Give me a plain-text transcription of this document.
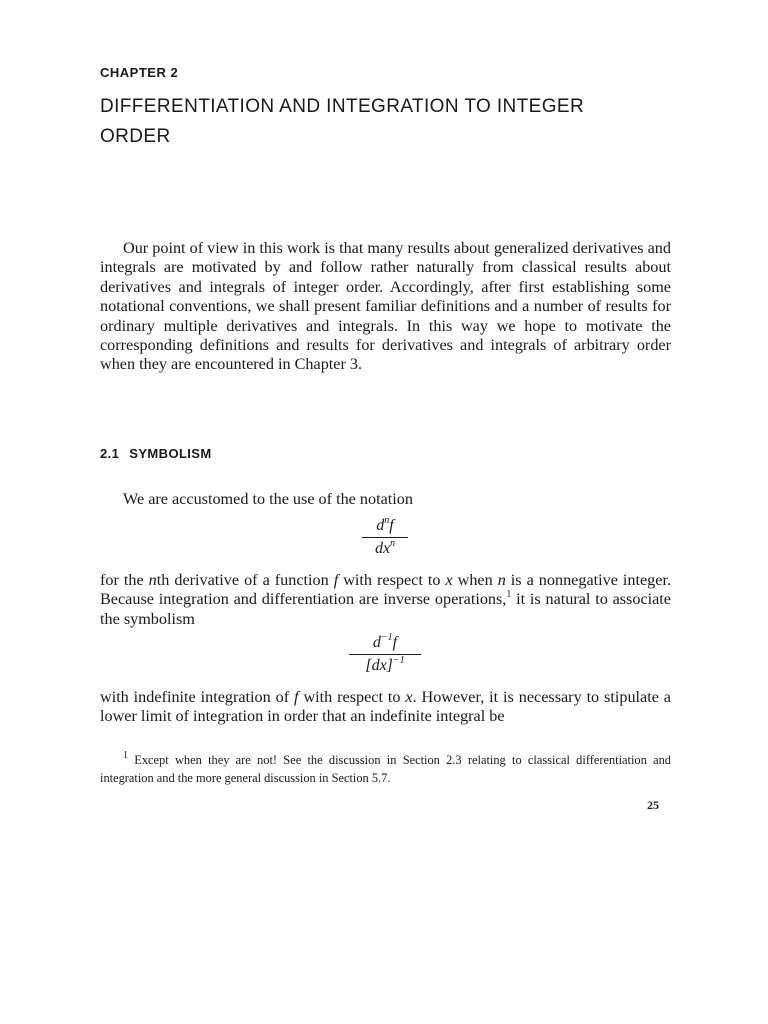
CHAPTER 2
DIFFERENTIATION AND INTEGRATION TO INTEGER ORDER

Our point of view in this work is that many results about generalized derivatives and integrals are motivated by and follow rather naturally from classical results about derivatives and integrals of integer order. Accordingly, after first establishing some notational conventions, we shall present familiar definitions and a number of results for ordinary multiple derivatives and integrals. In this way we hope to motivate the corresponding definitions and results for derivatives and integrals of arbitrary order when they are encountered in Chapter 3.

2.1 SYMBOLISM

We are accustomed to the use of the notation

$d^nf$
$dx^n$

for the nth derivative of a function f with respect to x when n is a nonnegative integer. Because integration and differentiation are inverse operations,$^1$ it is natural to associate the symbolism

$d^{-1}f$
[dx]$^{-1}$

with indefinite integration of f with respect to x. However, it is necessary to stipulate a lower limit of integration in order that an indefinite integral be

$^1$ Except when they are not! See the discussion in Section 2.3 relating to classical differentiation and integration and the more general discussion in Section 5.7.

25
